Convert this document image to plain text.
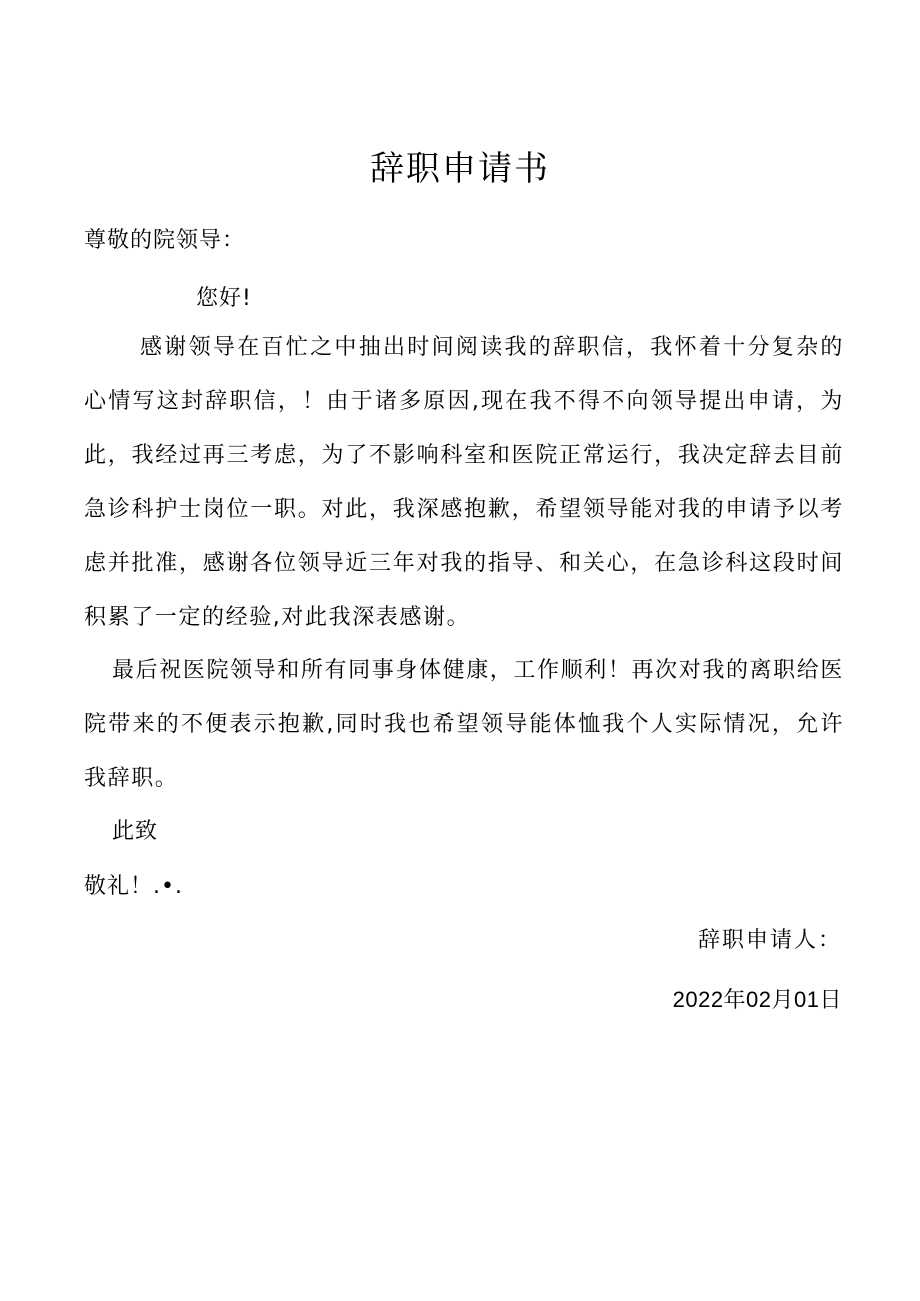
辞职申请书
尊敬的院领导：
您好!
感谢领导在百忙之中抽出时间阅读我的辞职信，我怀着十分复杂的心情写这封辞职信，！由于诸多原因,现在我不得不向领导提出申请，为此，我经过再三考虑，为了不影响科室和医院正常运行，我决定辞去目前急诊科护士岗位一职。对此，我深感抱歉，希望领导能对我的申请予以考虑并批准，感谢各位领导近三年对我的指导、和关心，在急诊科这段时间积累了一定的经验,对此我深表感谢。
最后祝医院领导和所有同事身体健康，工作顺利！再次对我的离职给医院带来的不便表示抱歉,同时我也希望领导能体恤我个人实际情况，允许我辞职。
此致
敬礼！.•.
辞职申请人：
2022年02月01日
